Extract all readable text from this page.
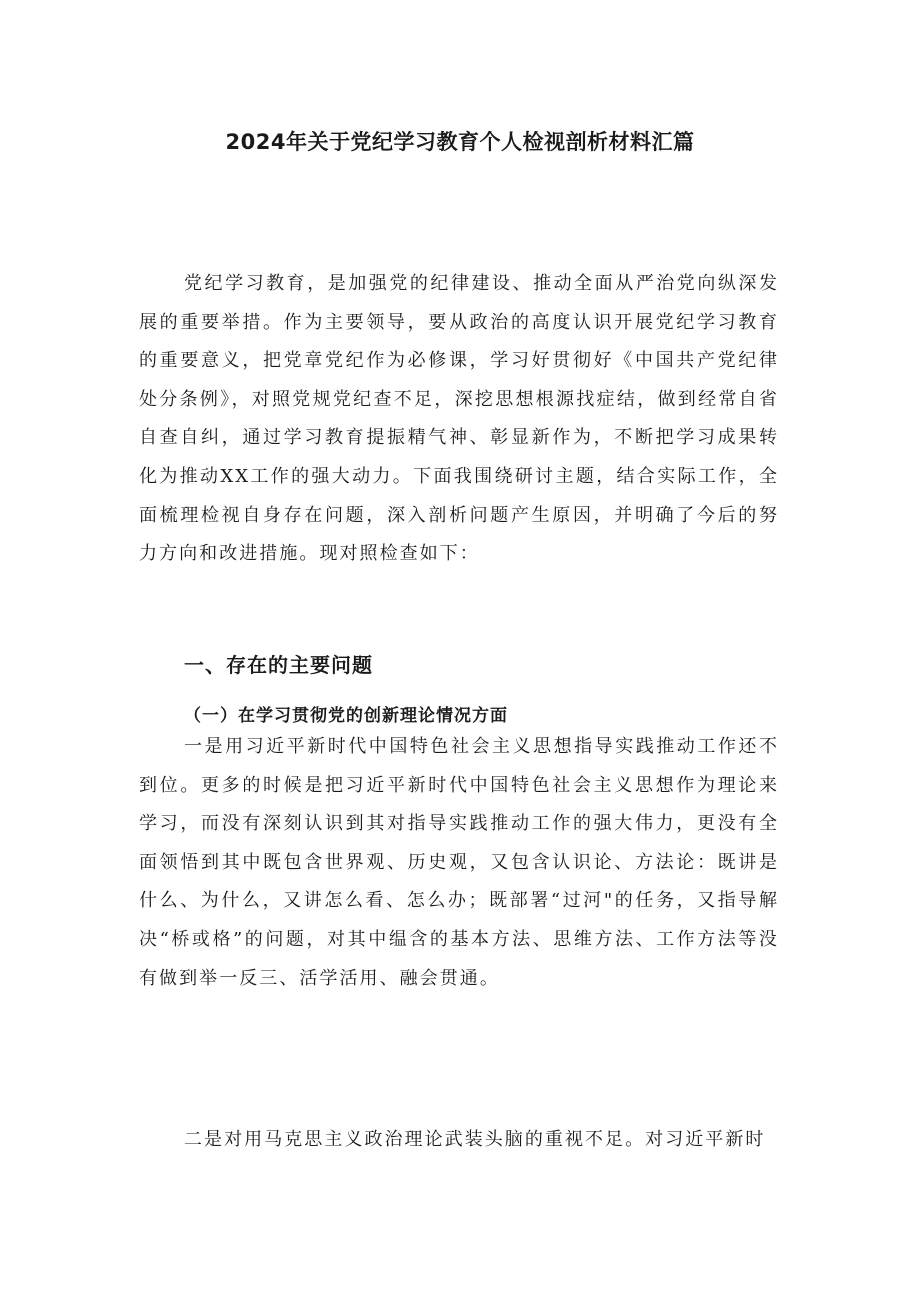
2024年关于党纪学习教育个人检视剖析材料汇篇

党纪学习教育，是加强党的纪律建设、推动全面从严治党向纵深发展的重要举措。作为主要领导，要从政治的高度认识开展党纪学习教育的重要意义，把党章党纪作为必修课，学习好贯彻好《中国共产党纪律处分条例》，对照党规党纪查不足，深挖思想根源找症结，做到经常自省自查自纠，通过学习教育提振精气神、彰显新作为，不断把学习成果转化为推动XX工作的强大动力。下面我围绕研讨主题，结合实际工作，全面梳理检视自身存在问题，深入剖析问题产生原因，并明确了今后的努力方向和改进措施。现对照检查如下：

一、存在的主要问题
（一）在学习贯彻党的创新理论情况方面

一是用习近平新时代中国特色社会主义思想指导实践推动工作还不到位。更多的时候是把习近平新时代中国特色社会主义思想作为理论来学习，而没有深刻认识到其对指导实践推动工作的强大伟力，更没有全面领悟到其中既包含世界观、历史观，又包含认识论、方法论：既讲是什么、为什么，又讲怎么看、怎么办；既部署“过河"的任务，又指导解决“桥或格”的问题，对其中缊含的基本方法、思维方法、工作方法等没有做到举一反三、活学活用、融会贯通。

二是对用马克思主义政治理论武装头脑的重视不足。对习近平新时
